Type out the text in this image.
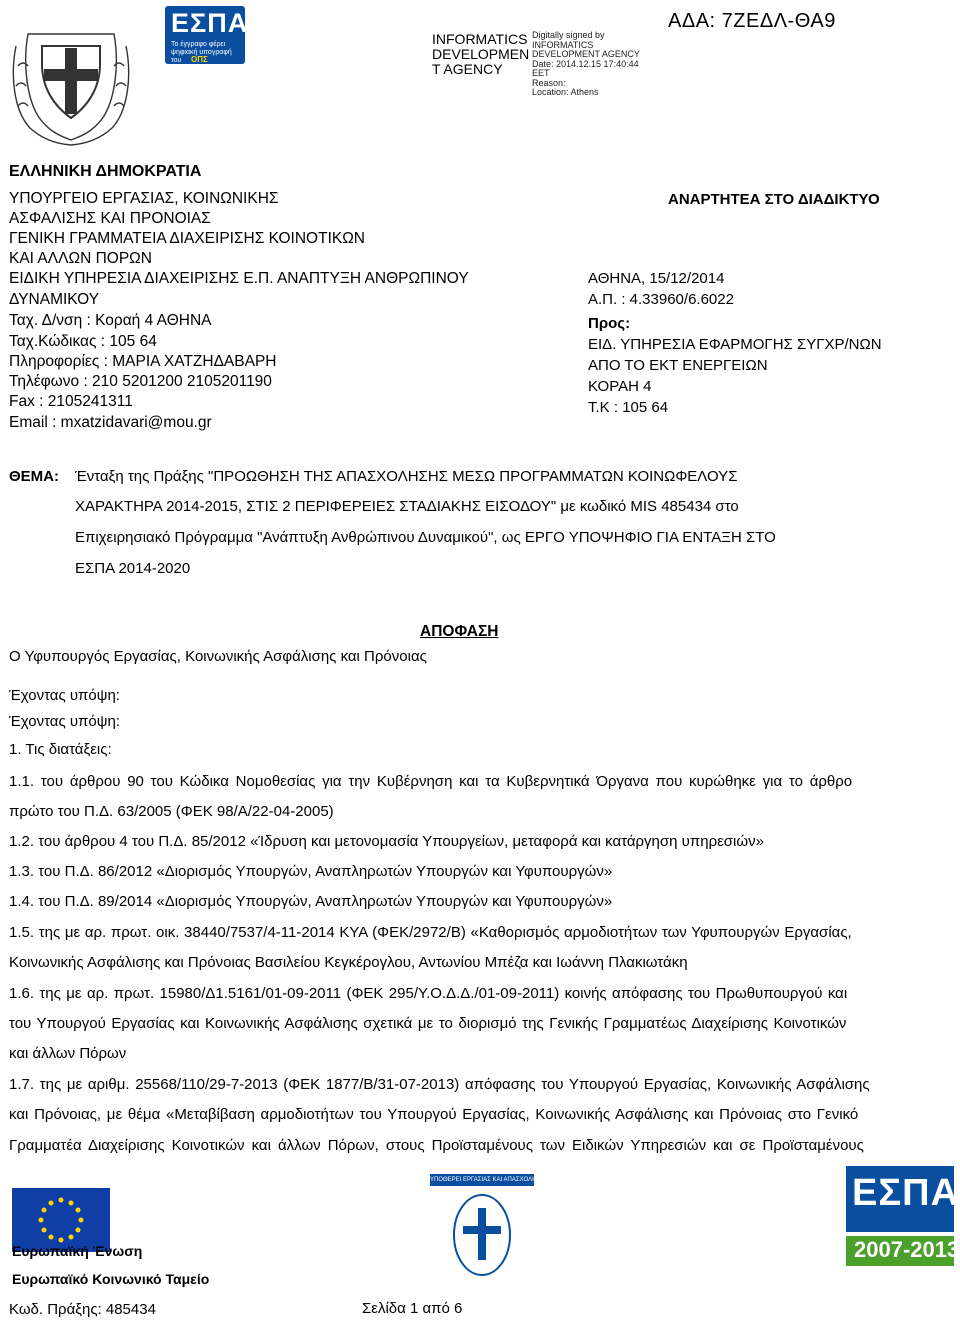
ΕΣΠΑ
Το έγγραφο φέρει ψηφιακή υπογραφή του	ΟΠΣ
INFORMATICS
DEVELOPMEN
T AGENCY
Digitally signed by
INFORMATICS
DEVELOPMENT AGENCY
Date: 2014.12.15 17:40:44
EET
Reason:
Location: Athens
ΑΔΑ: 7ΖΕΔΛ-ΘΑ9
ΕΛΛΗΝΙΚΗ ΔΗΜΟΚΡΑΤΙΑ
ΥΠΟΥΡΓΕΙΟ ΕΡΓΑΣΙΑΣ, ΚΟΙΝΩΝΙΚΗΣ
ΑΣΦΑΛΙΣΗΣ ΚΑΙ ΠΡΟΝΟΙΑΣ
ΓΕΝΙΚΗ ΓΡΑΜΜΑΤΕΙΑ ΔΙΑΧΕΙΡΙΣΗΣ ΚΟΙΝΟΤΙΚΩΝ
ΚΑΙ ΑΛΛΩΝ ΠΟΡΩΝ
ΕΙΔΙΚΗ ΥΠΗΡΕΣΙΑ ΔΙΑΧΕΙΡΙΣΗΣ Ε.Π. ΑΝΑΠΤΥΞΗ ΑΝΘΡΩΠΙΝΟΥ
ΔΥΝΑΜΙΚΟΥ
Ταχ. Δ/νση : Κοραή 4 ΑΘΗΝΑ
Ταχ.Κώδικας : 105 64
Πληροφορίες : ΜΑΡΙΑ ΧΑΤΖΗΔΑΒΑΡΗ
Τηλέφωνο : 210 5201200 2105201190
Fax : 2105241311
Email : mxatzidavari@mou.gr
ΑΝΑΡΤΗΤΕΑ ΣΤΟ ΔΙΑΔΙΚΤΥΟ
ΑΘΗΝΑ, 15/12/2014
Α.Π. : 4.33960/6.6022
Προς:
ΕΙΔ. ΥΠΗΡΕΣΙΑ ΕΦΑΡΜΟΓΗΣ ΣΥΓΧΡ/ΝΩΝ
ΑΠΟ ΤΟ ΕΚΤ ΕΝΕΡΓΕΙΩΝ
ΚΟΡΑΗ 4
Τ.Κ : 105 64
ΘΕΜΑ: Ένταξη της Πράξης "ΠΡΟΩΘΗΣΗ ΤΗΣ ΑΠΑΣΧΟΛΗΣΗΣ ΜΕΣΩ ΠΡΟΓΡΑΜΜΑΤΩΝ ΚΟΙΝΩΦΕΛΟΥΣ
ΧΑΡΑΚΤΗΡΑ 2014-2015, ΣΤΙΣ 2 ΠΕΡΙΦΕΡΕΙΕΣ ΣΤΑΔΙΑΚΗΣ ΕΙΣΟΔΟΥ" με κωδικό MIS 485434 στο
Επιχειρησιακό Πρόγραμμα "Ανάπτυξη Ανθρώπινου Δυναμικού", ως ΕΡΓΟ ΥΠΟΨΗΦΙΟ ΓΙΑ ΕΝΤΑΞΗ ΣΤΟ
ΕΣΠΑ 2014-2020
ΑΠΟΦΑΣΗ
Ο Υφυπουργός Εργασίας, Κοινωνικής Ασφάλισης και Πρόνοιας
Έχοντας υπόψη:
Έχοντας υπόψη:
1. Τις διατάξεις:
1.1. του άρθρου 90 του Κώδικα Νομοθεσίας για την Κυβέρνηση και τα Κυβερνητικά Όργανα που κυρώθηκε για το άρθρο
πρώτο του Π.Δ. 63/2005 (ΦΕΚ 98/Α/22-04-2005)
1.2. του άρθρου 4 του Π.Δ. 85/2012 «Ίδρυση και μετονομασία Υπουργείων, μεταφορά και κατάργηση υπηρεσιών»
1.3. του Π.Δ. 86/2012 «Διορισμός Υπουργών, Αναπληρωτών Υπουργών και Υφυπουργών»
1.4. του Π.Δ. 89/2014 «Διορισμός Υπουργών, Αναπληρωτών Υπουργών και Υφυπουργών»
1.5. της με αρ. πρωτ. οικ. 38440/7537/4-11-2014 ΚΥΑ (ΦΕΚ/2972/Β) «Καθορισμός αρμοδιοτήτων των Υφυπουργών Εργασίας,
Κοινωνικής Ασφάλισης και Πρόνοιας Βασιλείου Κεγκέρογλου, Αντωνίου Μπέζα και Ιωάννη Πλακιωτάκη
1.6. της με αρ. πρωτ. 15980/Δ1.5161/01-09-2011 (ΦΕΚ 295/Υ.Ο.Δ.Δ./01-09-2011) κοινής απόφασης του Πρωθυπουργού και
του Υπουργού Εργασίας και Κοινωνικής Ασφάλισης σχετικά με το διορισμό της Γενικής Γραμματέως Διαχείρισης Κοινοτικών
και άλλων Πόρων
1.7. της με αριθμ. 25568/110/29-7-2013 (ΦΕΚ 1877/Β/31-07-2013) απόφασης του Υπουργού Εργασίας, Κοινωνικής Ασφάλισης
και Πρόνοιας, με θέμα «Μεταβίβαση αρμοδιοτήτων του Υπουργού Εργασίας, Κοινωνικής Ασφάλισης και Πρόνοιας στο Γενικό
Γραμματέα Διαχείρισης Κοινοτικών και άλλων Πόρων, στους Προϊσταμένους των Ειδικών Υπηρεσιών και σε Προϊσταμένους
Ευρωπαϊκή Ένωση
Ευρωπαϊκό Κοινωνικό Ταμείο
ΥΠΟΘΕΡΕΙ ΕΡΓΑΣΙΑΣ ΚΑΙ ΑΠΑΣΧΟΛΗΣΗΣ	ΕΣΠΑ
2007-2013
Κωδ. Πράξης: 485434	Σελίδα 1 από 6
